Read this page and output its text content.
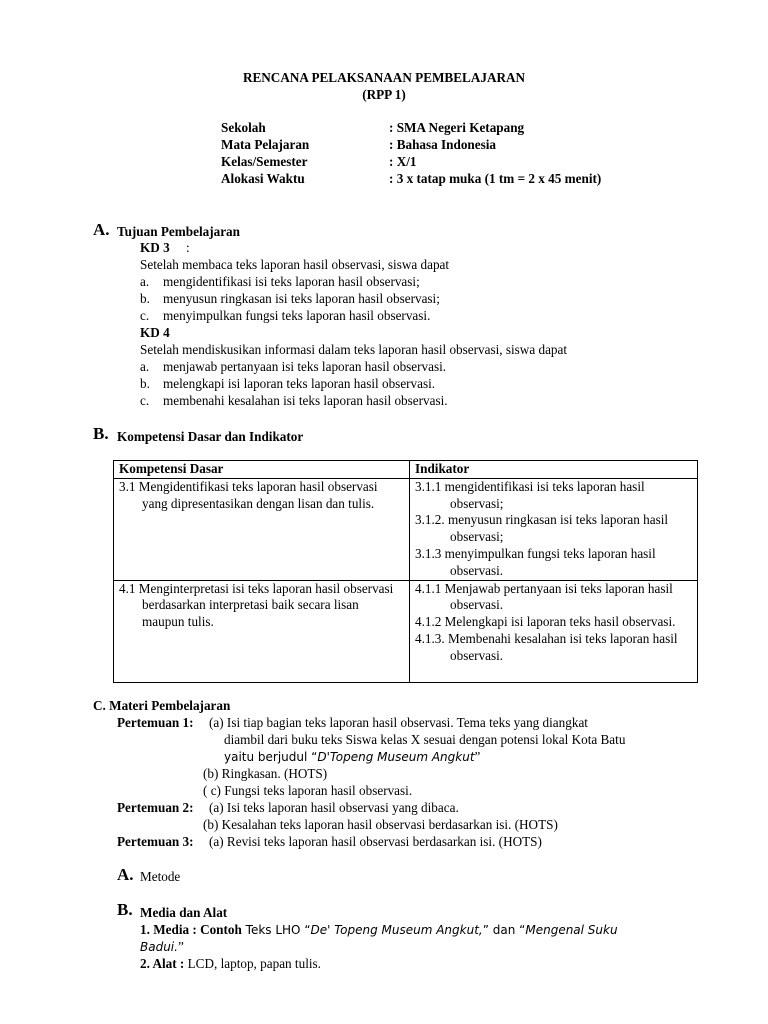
RENCANA PELAKSANAAN PEMBELAJARAN
(RPP 1)
Sekolah	: SMA Negeri Ketapang
Mata Pelajaran	: Bahasa Indonesia
Kelas/Semester	: X/1
Alokasi Waktu	: 3 x tatap muka (1 tm = 2 x 45 menit)
A. Tujuan Pembelajaran
KD 3 :
Setelah membaca teks laporan hasil observasi, siswa dapat
a. mengidentifikasi isi teks laporan hasil observasi;
b. menyusun ringkasan isi teks laporan hasil observasi;
c. menyimpulkan fungsi teks laporan hasil observasi.
KD 4
Setelah mendiskusikan informasi dalam teks laporan hasil observasi, siswa dapat
a. menjawab pertanyaan isi teks laporan hasil observasi.
b. melengkapi isi laporan teks laporan hasil observasi.
c. membenahi kesalahan isi teks laporan hasil observasi.
B. Kompetensi Dasar dan Indikator
Kompetensi Dasar	Indikator

3.1 Mengidentifikasi teks laporan hasil observasi yang dipresentasikan dengan lisan dan tulis.	3.1.1 mengidentifikasi isi teks laporan hasil observasi;
3.1.2. menyusun ringkasan isi teks laporan hasil observasi;
3.1.3 menyimpulkan fungsi teks laporan hasil observasi.

4.1 Menginterpretasi isi teks laporan hasil observasi berdasarkan interpretasi baik secara lisan maupun tulis.	4.1.1 Menjawab pertanyaan isi teks laporan hasil observasi.
4.1.2 Melengkapi isi laporan teks hasil observasi.
4.1.3. Membenahi kesalahan isi teks laporan hasil observasi.
C. Materi Pembelajaran
Pertemuan 1: (a) Isi tiap bagian teks laporan hasil observasi. Tema teks yang diangkat
diambil dari buku teks Siswa kelas X sesuai dengan potensi lokal Kota Batu
yaitu berjudul “D'Topeng Museum Angkut”
(b) Ringkasan. (HOTS)
( c) Fungsi teks laporan hasil observasi.
Pertemuan 2: (a) Isi teks laporan hasil observasi yang dibaca.
(b) Kesalahan teks laporan hasil observasi berdasarkan isi. (HOTS)
Pertemuan 3: (a) Revisi teks laporan hasil observasi berdasarkan isi. (HOTS)
A. Metode
B. Media dan Alat
1. Media : Contoh Teks LHO “De' Topeng Museum Angkut,” dan “Mengenal Suku
Badui.”
2. Alat : LCD, laptop, papan tulis.
